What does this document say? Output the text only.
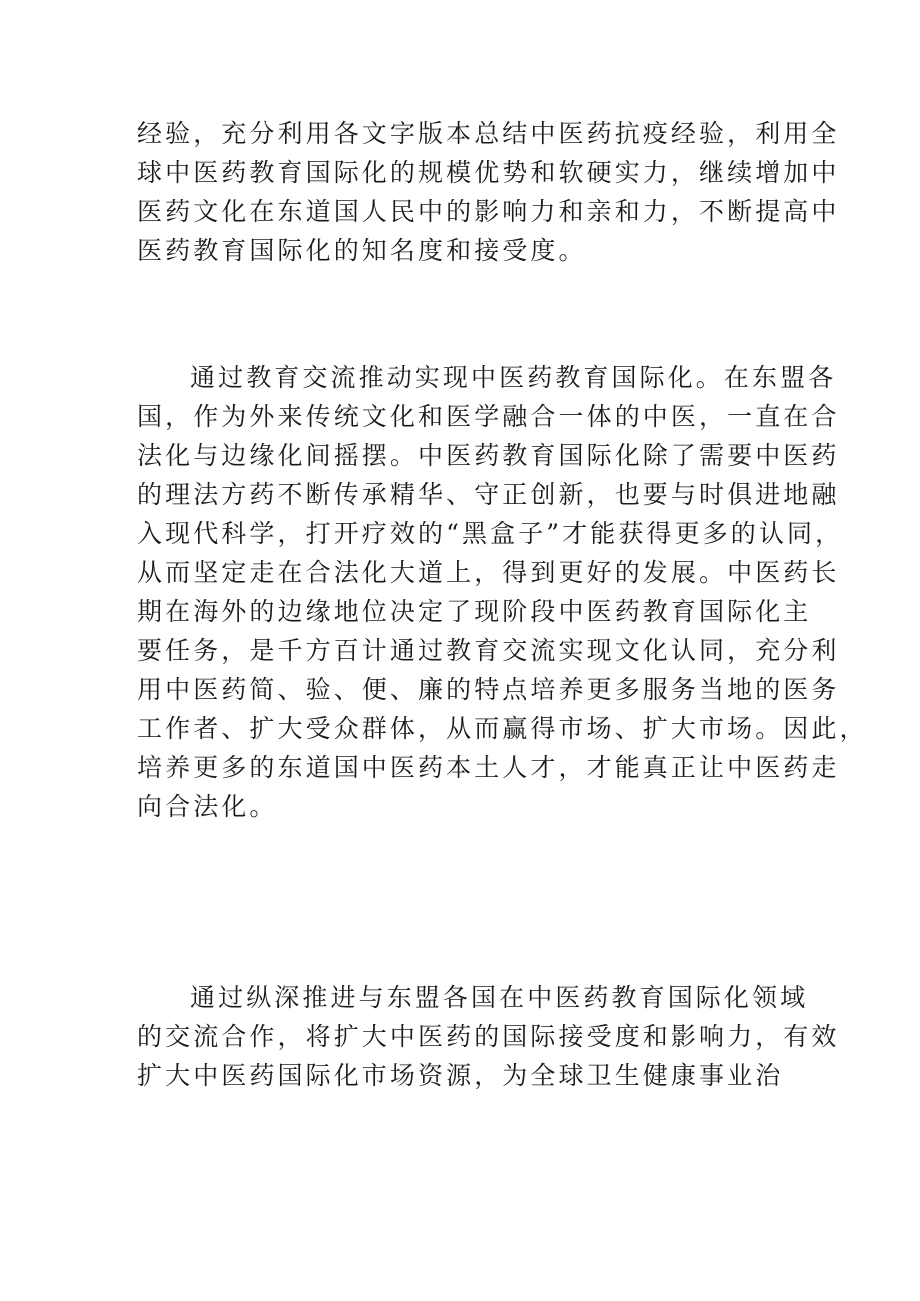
经验，充分利用各文字版本总结中医药抗疫经验，利用全
球中医药教育国际化的规模优势和软硬实力，继续增加中
医药文化在东道国人民中的影响力和亲和力，不断提高中
医药教育国际化的知名度和接受度。
通过教育交流推动实现中医药教育国际化。在东盟各
国，作为外来传统文化和医学融合一体的中医，一直在合
法化与边缘化间摇摆。中医药教育国际化除了需要中医药
的理法方药不断传承精华、守正创新，也要与时俱进地融
入现代科学，打开疗效的“黑盒子”才能获得更多的认同，
从而坚定走在合法化大道上，得到更好的发展。中医药长
期在海外的边缘地位决定了现阶段中医药教育国际化主
要任务，是千方百计通过教育交流实现文化认同，充分利
用中医药简、验、便、廉的特点培养更多服务当地的医务
工作者、扩大受众群体，从而赢得市场、扩大市场。因此，
培养更多的东道国中医药本土人才，才能真正让中医药走
向合法化。
通过纵深推进与东盟各国在中医药教育国际化领域
的交流合作，将扩大中医药的国际接受度和影响力，有效
扩大中医药国际化市场资源，为全球卫生健康事业治
